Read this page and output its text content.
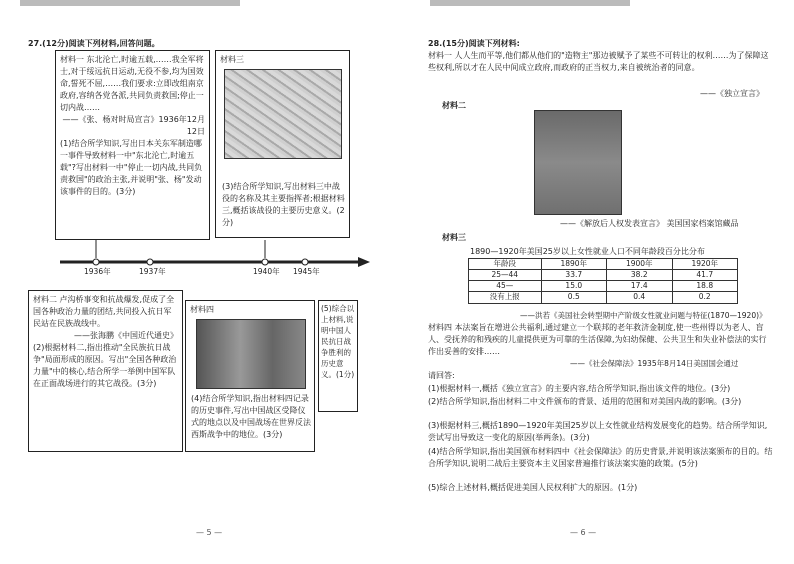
27.(12分)阅读下列材料,回答问题。
材料一 东北沦亡,时逾五载,……我全军将士,对于绥远抗日运动,无役不参,均为国效命,誓死不屈,……我们要求:立即改组南京政府,容纳各党各派,共同负责救国;停止一切内战……
——《张、杨对时局宣言》1936年12月12日
(1)结合所学知识,写出日本关东军制造哪一事件导致材料一中"东北沦亡,时逾五载"?写出材料一中"停止一切内战,共同负责救国"的政治主张,并说明"张、杨"发动该事件的目的。(3分)
材料三
(3)结合所学知识,写出材料三中战役的名称及其主要指挥者;根据材料三,概括该战役的主要历史意义。(2分)
1936年	1937年	1940年 1945年
材料二 卢沟桥事变和抗战爆发,促成了全国各种政治力量的团结,共同投入抗日军民站在民族战线中。
——张海鹏《中国近代通史》
(2)根据材料二,指出推动"全民族抗日战争"局面形成的原因。写出"全国各种政治力量"中的核心,结合所学一举例中国军队在正面战场进行的其它战役。(3分)
材料四
(4)结合所学知识,指出材料四记录的历史事件,写出中国战区受降仪式的地点以及中国战场在世界反法西斯战争中的地位。(3分)
(5)综合以上材料,说明中国人民抗日战争胜利的历史意义。(1分)
— 5 —
28.(15分)阅读下列材料:
材料一 人人生而平等,他们都从他们的"造物主"那边被赋予了某些不可转让的权利……为了保障这些权利,所以才在人民中间成立政府,而政府的正当权力,来自被统治者的同意。
——《独立宣言》
材料二
——《解放后人权发表宣言》 美国国家档案馆藏品
材料三
1890—1920年美国25岁以上女性就业人口不同年龄段百分比分布
年龄段	1890年	1900年	1920年
25—44	33.7	38.2	41.7
45—	15.0	17.4	18.8
没有上报	0.5	0.4	0.2
——洪若《美国社会转型期中产阶级女性就业问题与特征(1870—1920)》
材料四 本法案旨在增进公共福利,通过建立一个联邦的老年救济金制度,使一些州得以为老人、盲人、受抚养的和残疾的儿童提供更为可靠的生活保障,为妇幼保健、公共卫生和失业补偿法的实行作出妥善的安排……
——《社会保障法》1935年8月14日美国国会通过
请回答:
(1)根据材料一,概括《独立宣言》的主要内容,结合所学知识,指出该文件的地位。(3分)
(2)结合所学知识,指出材料二中文件颁布的背景、适用的范围和对美国内战的影响。(3分)
(3)根据材料三,概括1890—1920年美国25岁以上女性就业结构发展变化的趋势。结合所学知识,尝试写出导致这一变化的原因(举两条)。(3分)
(4)结合所学知识,指出美国颁布材料四中《社会保障法》的历史背景,并说明该法案颁布的目的。结合所学知识,说明二战后主要资本主义国家普遍推行该法案实施的政策。(5分)
(5)综合上述材料,概括促进美国人民权利扩大的原因。(1分)
— 6 —
